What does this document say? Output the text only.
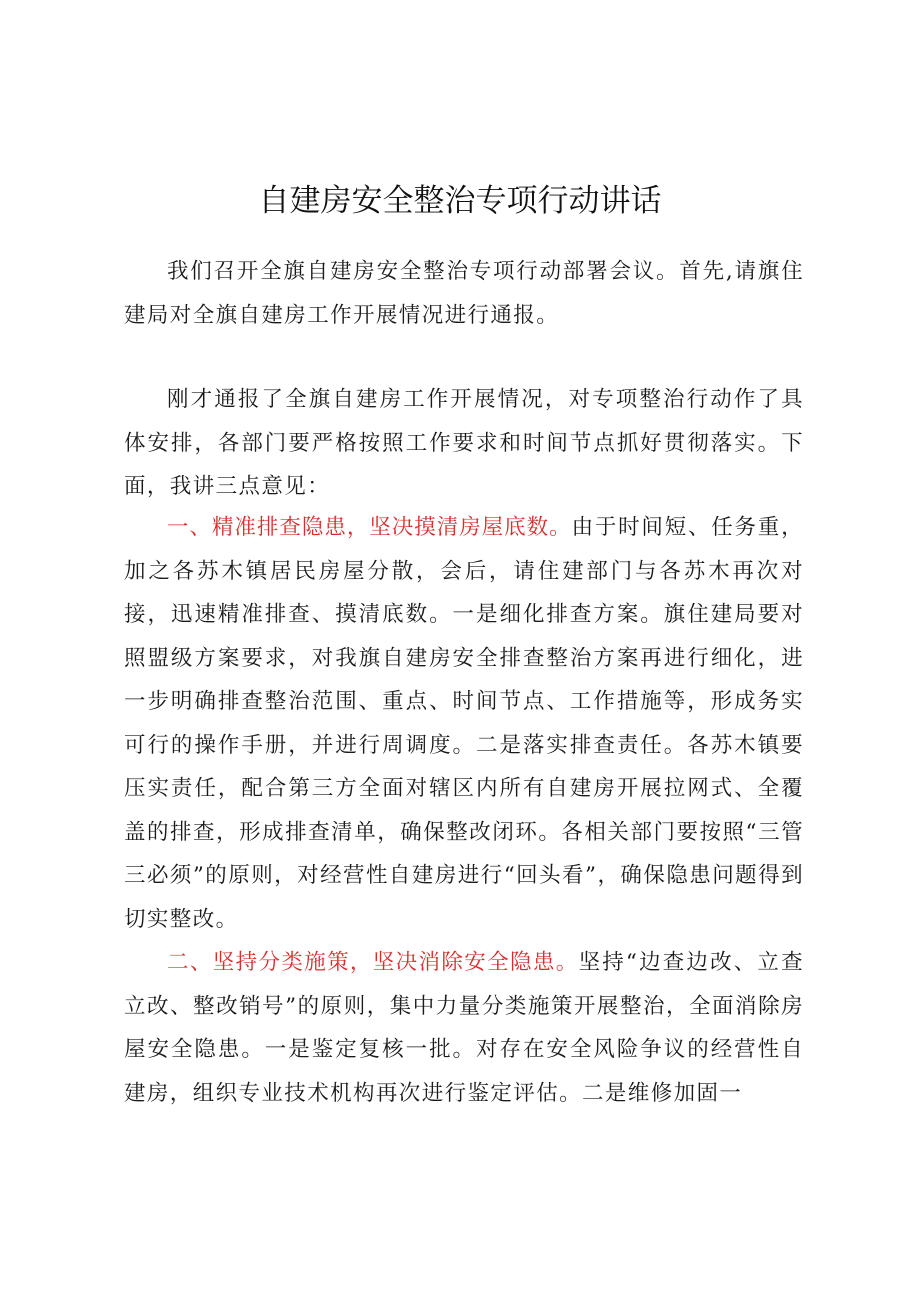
自建房安全整治专项行动讲话

我们召开全旗自建房安全整治专项行动部署会议。首先,请旗住建局对全旗自建房工作开展情况进行通报。

刚才通报了全旗自建房工作开展情况，对专项整治行动作了具体安排，各部门要严格按照工作要求和时间节点抓好贯彻落实。下面，我讲三点意见：

一、精准排查隐患，坚决摸清房屋底数。由于时间短、任务重，加之各苏木镇居民房屋分散，会后，请住建部门与各苏木再次对接，迅速精准排查、摸清底数。一是细化排查方案。旗住建局要对照盟级方案要求，对我旗自建房安全排查整治方案再进行细化，进一步明确排查整治范围、重点、时间节点、工作措施等，形成务实可行的操作手册，并进行周调度。二是落实排查责任。各苏木镇要压实责任，配合第三方全面对辖区内所有自建房开展拉网式、全覆盖的排查，形成排查清单，确保整改闭环。各相关部门要按照“三管三必须”的原则，对经营性自建房进行“回头看”，确保隐患问题得到切实整改。

二、坚持分类施策，坚决消除安全隐患。坚持“边查边改、立查立改、整改销号”的原则，集中力量分类施策开展整治，全面消除房屋安全隐患。一是鉴定复核一批。对存在安全风险争议的经营性自建房，组织专业技术机构再次进行鉴定评估。二是维修加固一
